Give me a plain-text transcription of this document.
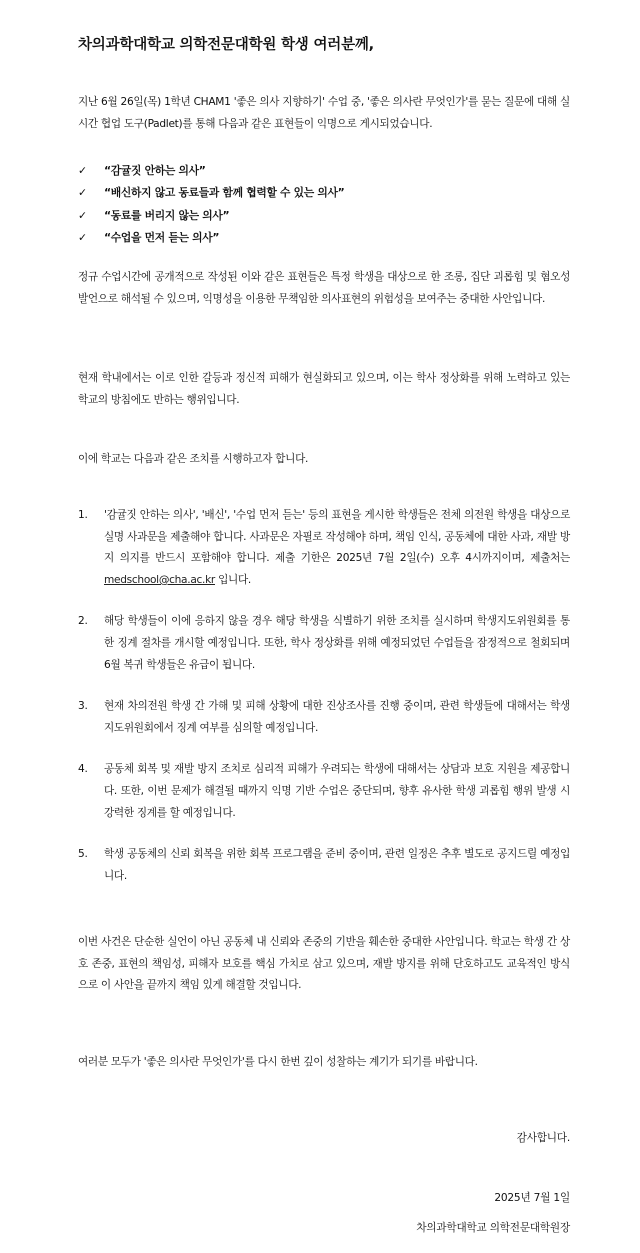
차의과학대학교 의학전문대학원 학생 여러분께,
지난 6월 26일(목) 1학년 CHAM1 '좋은 의사 지향하기' 수업 중, '좋은 의사란 무엇인가'를 묻는 질문에 대해 실시간 협업 도구(Padlet)를 통해 다음과 같은 표현들이 익명으로 게시되었습니다.
✓ “감귤짓 안하는 의사”
✓ “배신하지 않고 동료들과 함께 협력할 수 있는 의사”
✓ “동료를 버리지 않는 의사”
✓ “수업을 먼저 듣는 의사”
정규 수업시간에 공개적으로 작성된 이와 같은 표현들은 특정 학생을 대상으로 한 조롱, 집단 괴롭힘 및 혐오성 발언으로 해석될 수 있으며, 익명성을 이용한 무책임한 의사표현의 위험성을 보여주는 중대한 사안입니다.
현재 학내에서는 이로 인한 갈등과 정신적 피해가 현실화되고 있으며, 이는 학사 정상화를 위해 노력하고 있는 학교의 방침에도 반하는 행위입니다.
이에 학교는 다음과 같은 조치를 시행하고자 합니다.
1. '감귤짓 안하는 의사', '배신', '수업 먼저 듣는' 등의 표현을 게시한 학생들은 전체 의전원 학생을 대상으로 실명 사과문을 제출해야 합니다. 사과문은 자필로 작성해야 하며, 책임 인식, 공동체에 대한 사과, 재발 방지 의지를 반드시 포함해야 합니다. 제출 기한은 2025년 7월 2일(수) 오후 4시까지이며, 제출처는 medschool@cha.ac.kr 입니다.
2. 해당 학생들이 이에 응하지 않을 경우 해당 학생을 식별하기 위한 조치를 실시하며 학생지도위원회를 통한 징계 절차를 개시할 예정입니다. 또한, 학사 정상화를 위해 예정되었던 수업들을 잠정적으로 철회되며 6월 복귀 학생들은 유급이 됩니다.
3. 현재 차의전원 학생 간 가해 및 피해 상황에 대한 진상조사를 진행 중이며, 관련 학생들에 대해서는 학생지도위원회에서 징계 여부를 심의할 예정입니다.
4. 공동체 회복 및 재발 방지 조치로 심리적 피해가 우려되는 학생에 대해서는 상담과 보호 지원을 제공합니다. 또한, 이번 문제가 해결될 때까지 익명 기반 수업은 중단되며, 향후 유사한 학생 괴롭힘 행위 발생 시 강력한 징계를 할 예정입니다.
5. 학생 공동체의 신뢰 회복을 위한 회복 프로그램을 준비 중이며, 관련 일정은 추후 별도로 공지드릴 예정입니다.
이번 사건은 단순한 실언이 아닌 공동체 내 신뢰와 존중의 기반을 훼손한 중대한 사안입니다. 학교는 학생 간 상호 존중, 표현의 책임성, 피해자 보호를 핵심 가치로 삼고 있으며, 재발 방지를 위해 단호하고도 교육적인 방식으로 이 사안을 끝까지 책임 있게 해결할 것입니다.
여러분 모두가 '좋은 의사란 무엇인가'를 다시 한번 깊이 성찰하는 계기가 되기를 바랍니다.
감사합니다.
2025년 7월 1일
차의과학대학교 의학전문대학원장
